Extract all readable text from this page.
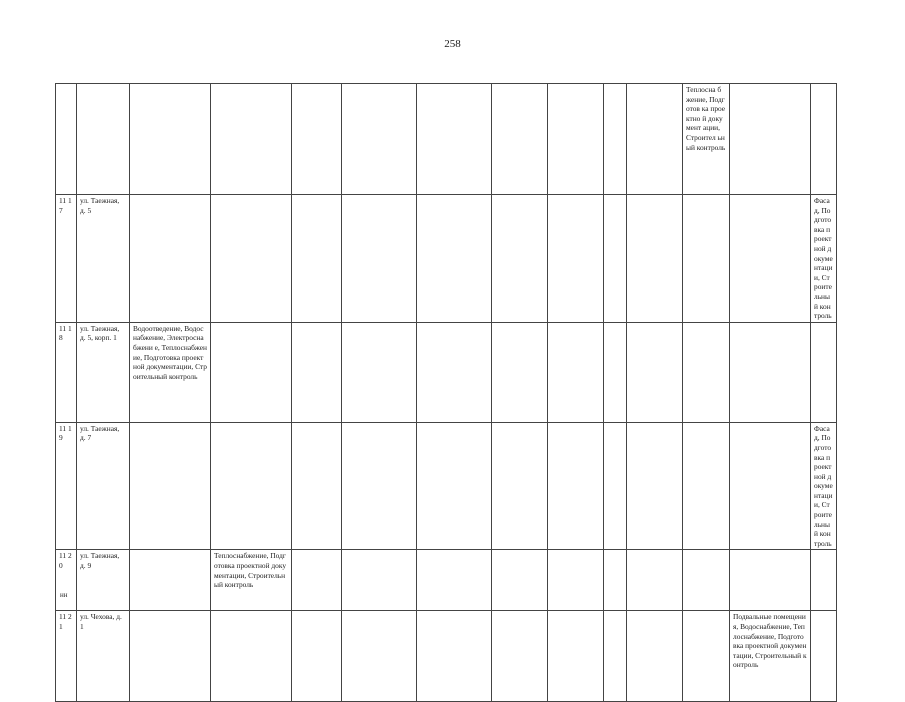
258
											Теплосна бжение, Подготов ка проектно й документ ации, Строител ьный контроль		
11 17	ул. Таежная, д. 5												Фасад, Подготовка проектной документации, Строительный контроль
11 18	ул. Таежная, д. 5, корп. 1	Водоотведение, Водоснабжение, Электроснабжени е, Теплоснабжение, Подготовка проектной документации, Строительный контроль											
11 19	ул. Таежная, д. 7												Фасад, Подготовка проектной документации, Строительный контроль
11 20	ул. Таежная, д. 9		Теплоснабжение, Подготовка проектной документации, Строительный контроль										
11 21	ул. Чехова, д. 1											Подвальные помещения, Водоснабжение, Теплоснабжение, Подготовка проектной документации, Строительный контроль	
нн
